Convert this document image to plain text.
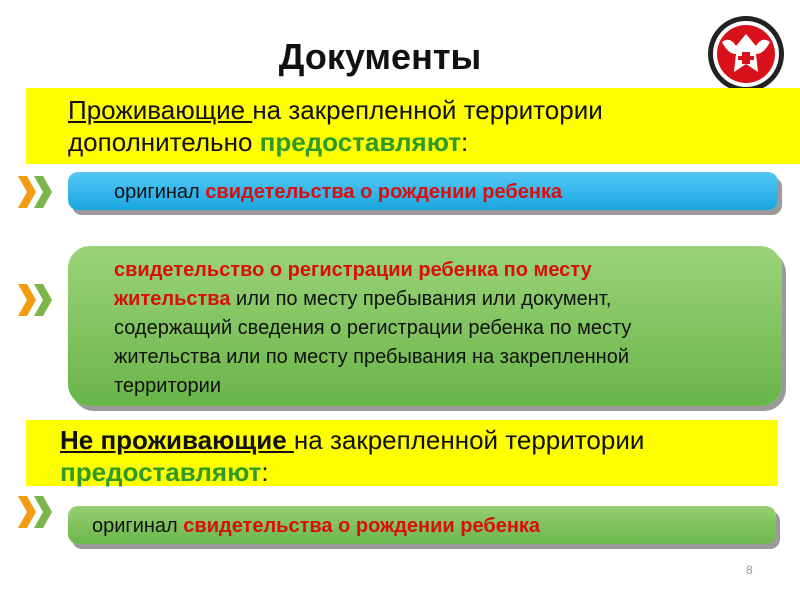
Документы
Проживающие на закрепленной территории
дополнительно предоставляют:
оригинал свидетельства о рождении ребенка
свидетельство о регистрации ребенка по месту
жительства или по месту пребывания или документ,
содержащий сведения о регистрации ребенка по месту
жительства или по месту пребывания на закрепленной
территории
Не проживающие на закрепленной территории
предоставляют:
оригинал свидетельства о рождении ребенка
8
